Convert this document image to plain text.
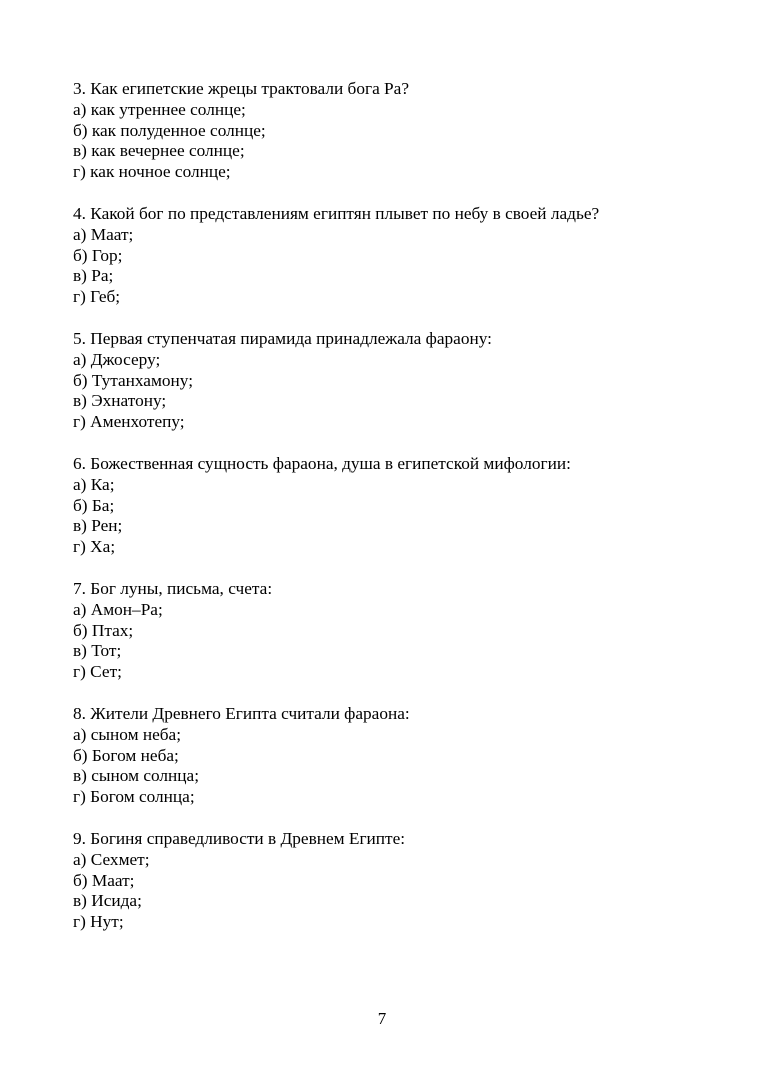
3. Как египетские жрецы трактовали бога Ра?
а) как утреннее солнце;
б) как полуденное солнце;
в) как вечернее солнце;
г) как ночное солнце;
4. Какой бог по представлениям египтян плывет по небу в своей ладье?
а) Маат;
б) Гор;
в) Ра;
г) Геб;
5. Первая ступенчатая пирамида принадлежала фараону:
а) Джосеру;
б) Тутанхамону;
в) Эхнатону;
г) Аменхотепу;
6. Божественная сущность фараона, душа в египетской мифологии:
а) Ка;
б) Ба;
в) Рен;
г) Ха;
7. Бог луны, письма, счета:
а) Амон–Ра;
б) Птах;
в) Тот;
г) Сет;
8. Жители Древнего Египта считали фараона:
а) сыном неба;
б) Богом неба;
в) сыном солнца;
г) Богом солнца;
9. Богиня справедливости в Древнем Египте:
а) Сехмет;
б) Маат;
в) Исида;
г) Нут;
7
